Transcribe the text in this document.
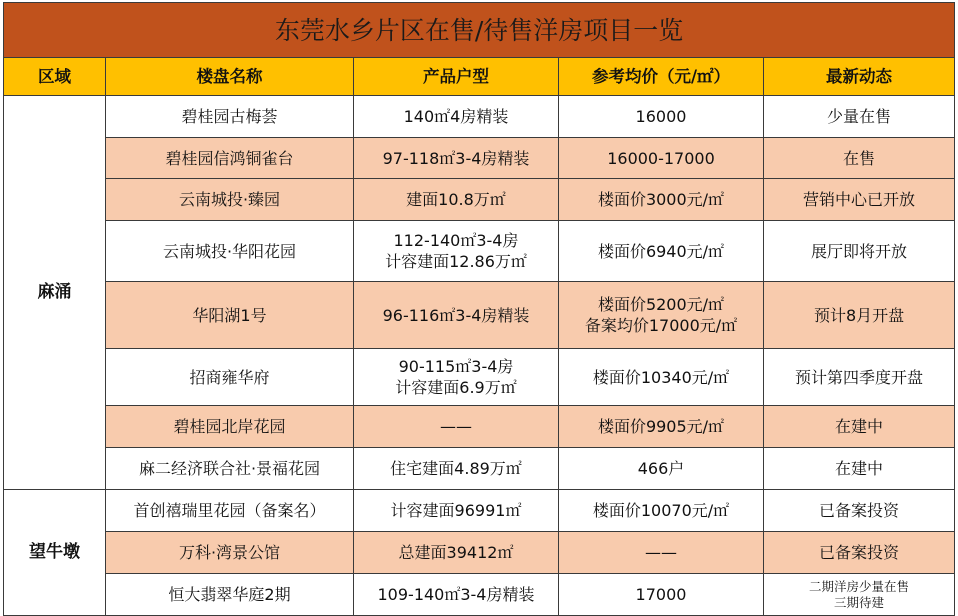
东莞水乡片区在售/待售洋房项目一览				
区域	楼盘名称	产品户型	参考均价（元/㎡）	最新动态
麻涌	碧桂园古梅荟	140㎡4房精装	16000	少量在售

	碧桂园信鸿铜雀台	97-118㎡3-4房精装	16000-17000	在售

	云南城投·臻园	建面10.8万㎡	楼面价3000元/㎡	营销中心已开放

	云南城投·华阳花园	112-140㎡3-4房
计容建面12.86万㎡	楼面价6940元/㎡	展厅即将开放

	华阳湖1号	96-116㎡3-4房精装	楼面价5200元/㎡
备案均价17000元/㎡	预计8月开盘

	招商雍华府	90-115㎡3-4房
计容建面6.9万㎡	楼面价10340元/㎡	预计第四季度开盘

	碧桂园北岸花园	——	楼面价9905元/㎡	在建中

	麻二经济联合社·景福花园	住宅建面4.89万㎡	466户	在建中

望牛墩	首创禧瑞里花园（备案名）	计容建面96991㎡	楼面价10070元/㎡	已备案投资

	万科·湾景公馆	总建面39412㎡	——	已备案投资

	恒大翡翠华庭2期	109-140㎡3-4房精装	17000	二期洋房少量在售
三期待建
